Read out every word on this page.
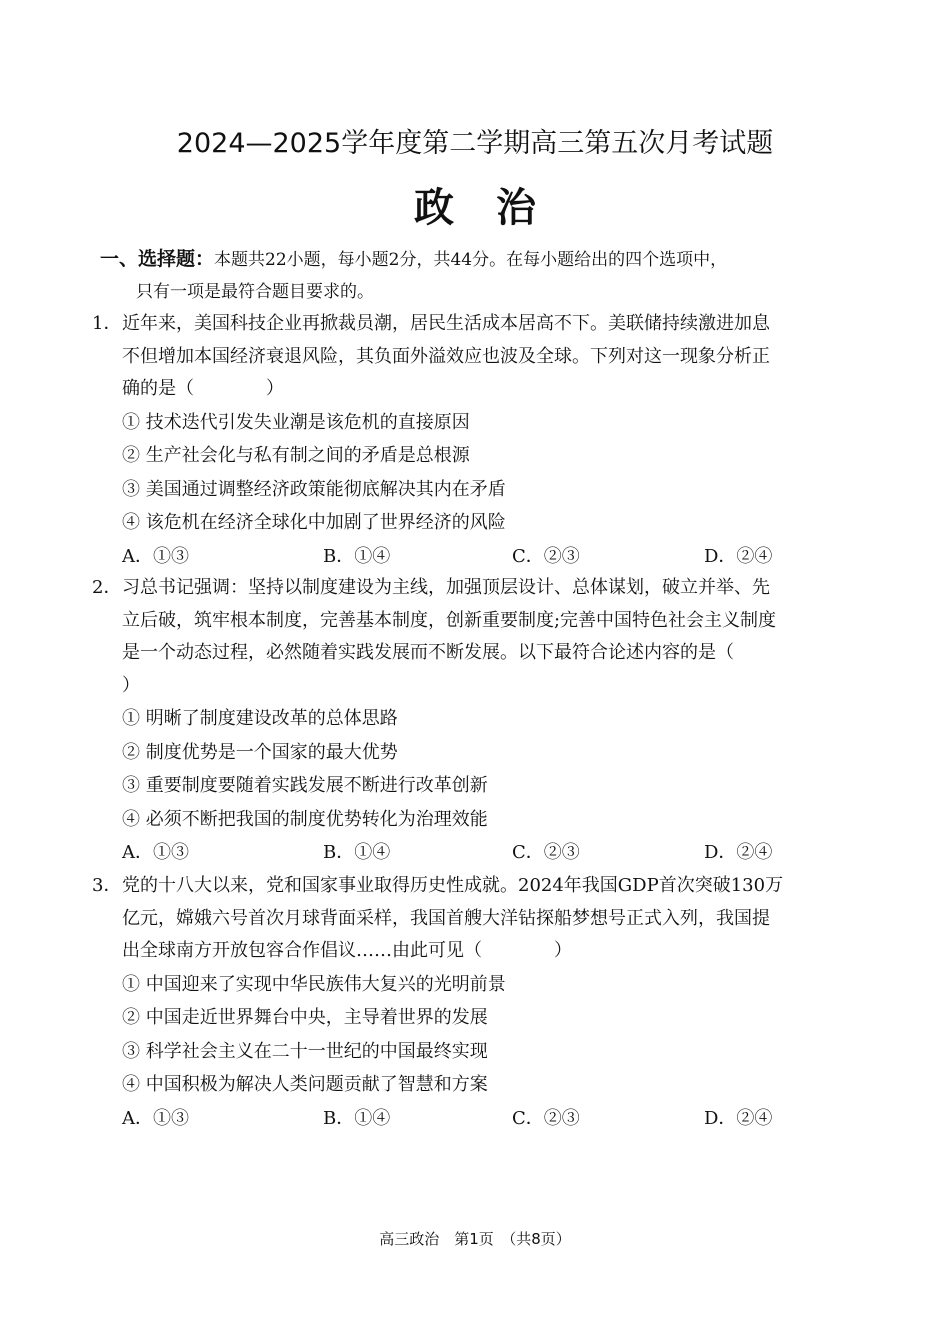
2024—2025学年度第二学期高三第五次月考试题
政 治
一、选择题：本题共22小题，每小题2分，共44分。在每小题给出的四个选项中，
只有一项是最符合题目要求的。
1． 近年来，美国科技企业再掀裁员潮，居民生活成本居高不下。美联储持续激进加息
不但增加本国经济衰退风险，其负面外溢效应也波及全球。下列对这一现象分析正
确的是（　　　　）
① 技术迭代引发失业潮是该危机的直接原因
② 生产社会化与私有制之间的矛盾是总根源
③ 美国通过调整经济政策能彻底解决其内在矛盾
④ 该危机在经济全球化中加剧了世界经济的风险
A．①③	B．①④	C．②③	D．②④
2． 习总书记强调：坚持以制度建设为主线，加强顶层设计、总体谋划，破立并举、先
立后破，筑牢根本制度，完善基本制度，创新重要制度;完善中国特色社会主义制度
是一个动态过程，必然随着实践发展而不断发展。以下最符合论述内容的是（
）
① 明晰了制度建设改革的总体思路
② 制度优势是一个国家的最大优势
③ 重要制度要随着实践发展不断进行改革创新
④ 必须不断把我国的制度优势转化为治理效能
A．①③	B．①④	C．②③	D．②④
3． 党的十八大以来，党和国家事业取得历史性成就。2024年我国GDP首次突破130万
亿元，嫦娥六号首次月球背面采样，我国首艘大洋钻探船梦想号正式入列，我国提
出全球南方开放包容合作倡议……由此可见（　　　　）
① 中国迎来了实现中华民族伟大复兴的光明前景
② 中国走近世界舞台中央，主导着世界的发展
③ 科学社会主义在二十一世纪的中国最终实现
④ 中国积极为解决人类问题贡献了智慧和方案
A．①③	B．①④	C．②③	D．②④
高三政治　第1页　（共8页）
